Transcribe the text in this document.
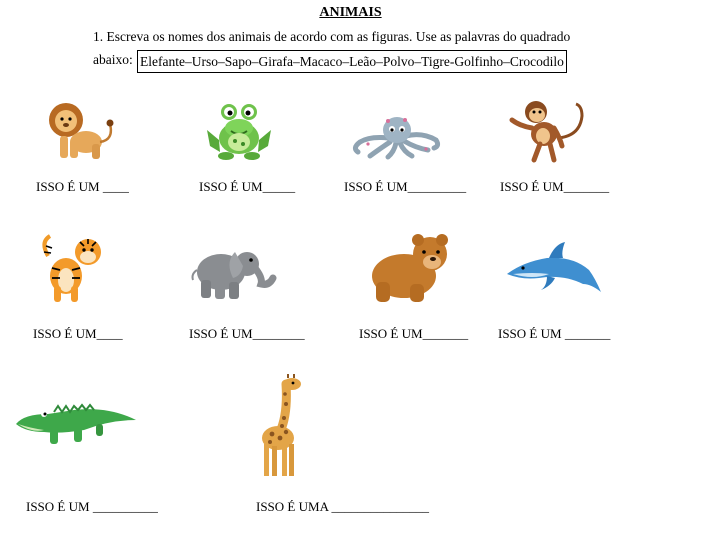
ANIMAIS
1. Escreva os nomes dos animais de acordo com as figuras. Use as palavras do quadrado
abaixo: Elefante–Urso–Sapo–Girafa–Macaco–Leão–Polvo–Tigre-Golfinho–Crocodilo
ISSO É UM ____	ISSO É UM_____	ISSO É UM_________	ISSO É UM_______
ISSO É UM____	ISSO É UM________	ISSO É UM_______ ISSO É UM _______
ISSO É UM __________	ISSO É UMA _______________
